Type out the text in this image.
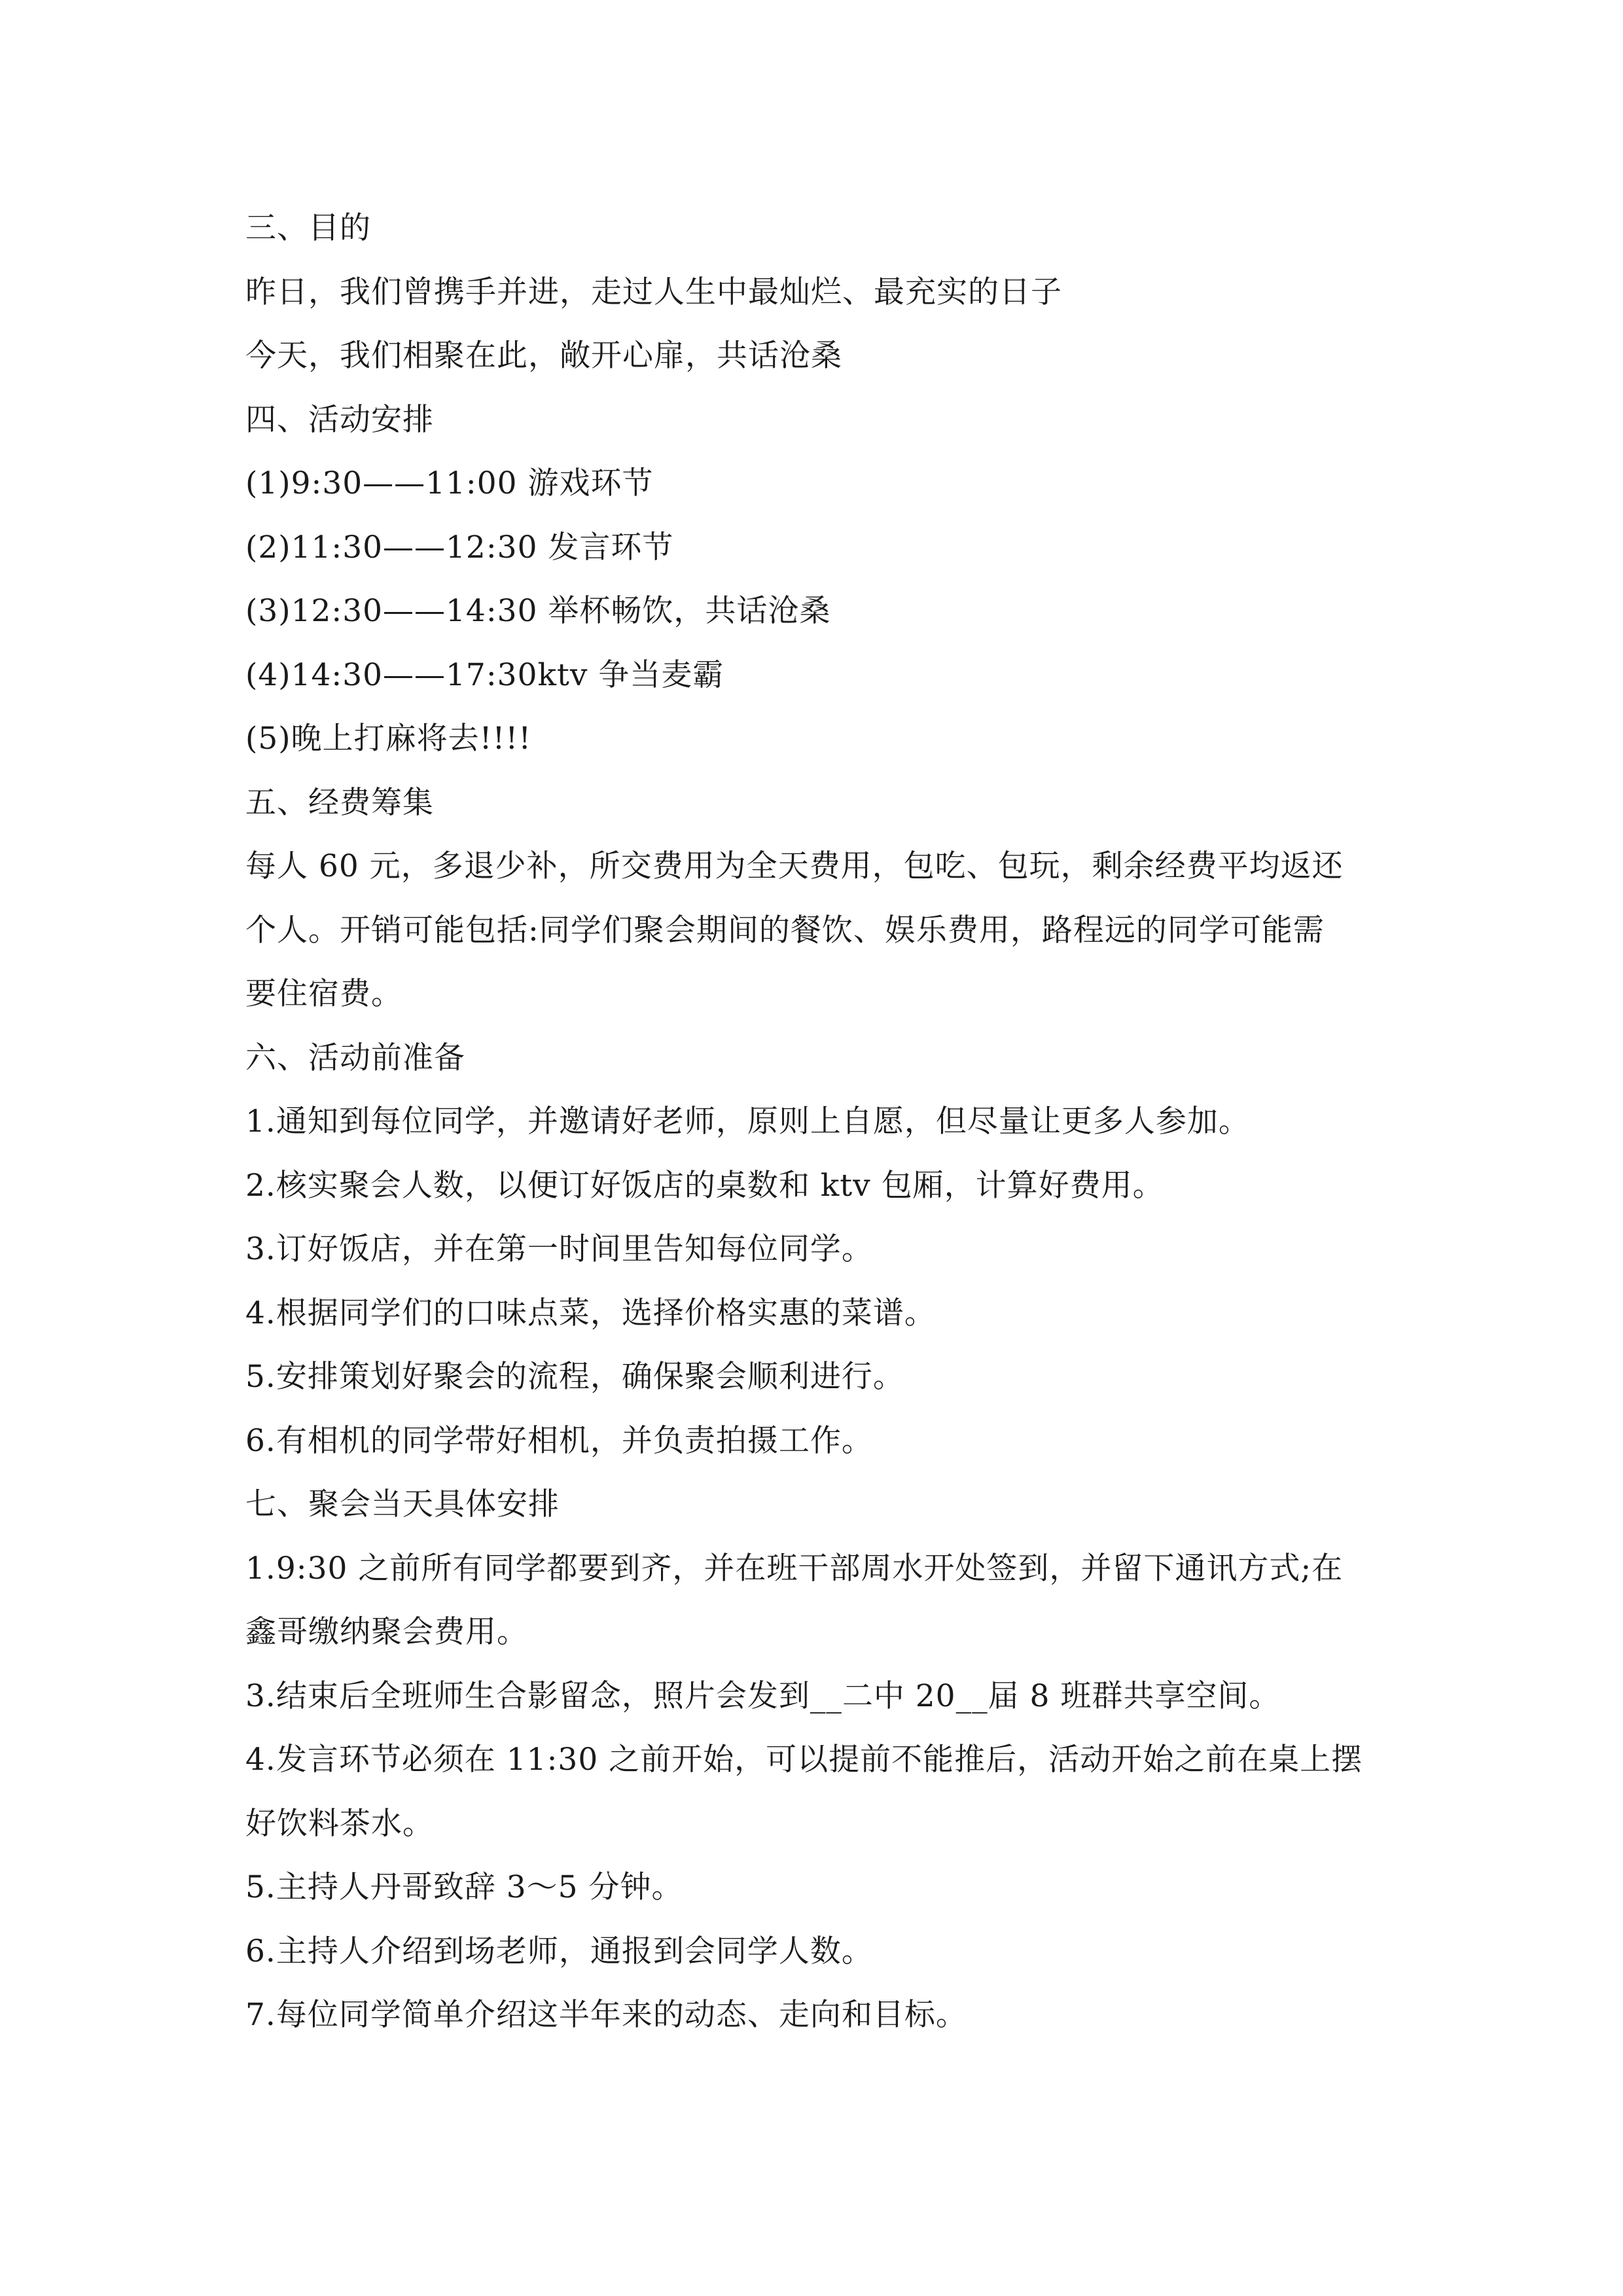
三、目的
昨日，我们曾携手并进，走过人生中最灿烂、最充实的日子
今天，我们相聚在此，敞开心扉，共话沧桑
四、活动安排
(1)9:30——11:00 游戏环节
(2)11:30——12:30 发言环节
(3)12:30——14:30 举杯畅饮，共话沧桑
(4)14:30——17:30ktv 争当麦霸
(5)晚上打麻将去!!!!
五、经费筹集
每人 60 元，多退少补，所交费用为全天费用，包吃、包玩，剩余经费平均返还
个人。开销可能包括:同学们聚会期间的餐饮、娱乐费用，路程远的同学可能需
要住宿费。
六、活动前准备
1.通知到每位同学，并邀请好老师，原则上自愿，但尽量让更多人参加。
2.核实聚会人数，以便订好饭店的桌数和 ktv 包厢，计算好费用。
3.订好饭店，并在第一时间里告知每位同学。
4.根据同学们的口味点菜，选择价格实惠的菜谱。
5.安排策划好聚会的流程，确保聚会顺利进行。
6.有相机的同学带好相机，并负责拍摄工作。
七、聚会当天具体安排
1.9:30 之前所有同学都要到齐，并在班干部周水开处签到，并留下通讯方式;在
鑫哥缴纳聚会费用。
3.结束后全班师生合影留念，照片会发到__二中 20__届 8 班群共享空间。
4.发言环节必须在 11:30 之前开始，可以提前不能推后，活动开始之前在桌上摆
好饮料茶水。
5.主持人丹哥致辞 3～5 分钟。
6.主持人介绍到场老师，通报到会同学人数。
7.每位同学简单介绍这半年来的动态、走向和目标。
